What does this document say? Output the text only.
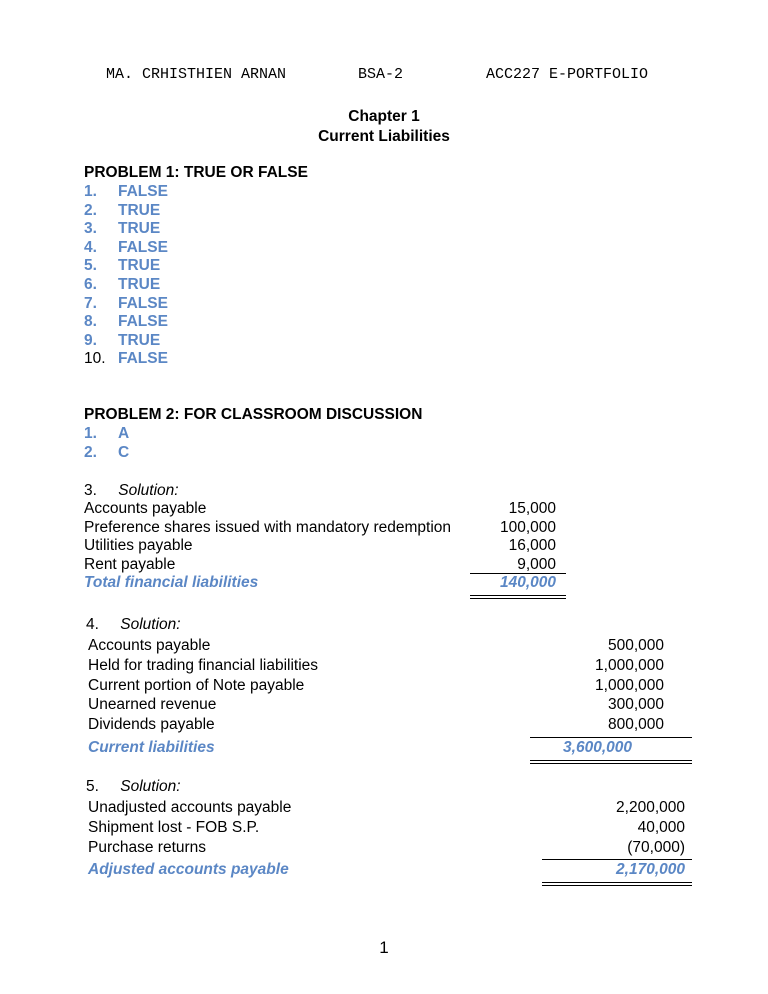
MA. CRHISTHIEN ARNAN	BSA-2	ACC227 E-PORTFOLIO
Chapter 1
Current Liabilities
PROBLEM 1: TRUE OR FALSE
1. FALSE
2. TRUE
3. TRUE
4. FALSE
5. TRUE
6. TRUE
7. FALSE
8. FALSE
9. TRUE
10. FALSE
PROBLEM 2: FOR CLASSROOM DISCUSSION
1. A
2. C
3. Solution:
Accounts payable	15,000
Preference shares issued with mandatory redemption	100,000
Utilities payable	16,000
Rent payable	9,000
Total financial liabilities	140,000
4. Solution:
Accounts payable	500,000
Held for trading financial liabilities	1,000,000
Current portion of Note payable	1,000,000
Unearned revenue	300,000
Dividends payable	800,000
Current liabilities	3,600,000
5. Solution:
Unadjusted accounts payable	2,200,000
Shipment lost - FOB S.P.	40,000
Purchase returns	(70,000)
Adjusted accounts payable	2,170,000
1
